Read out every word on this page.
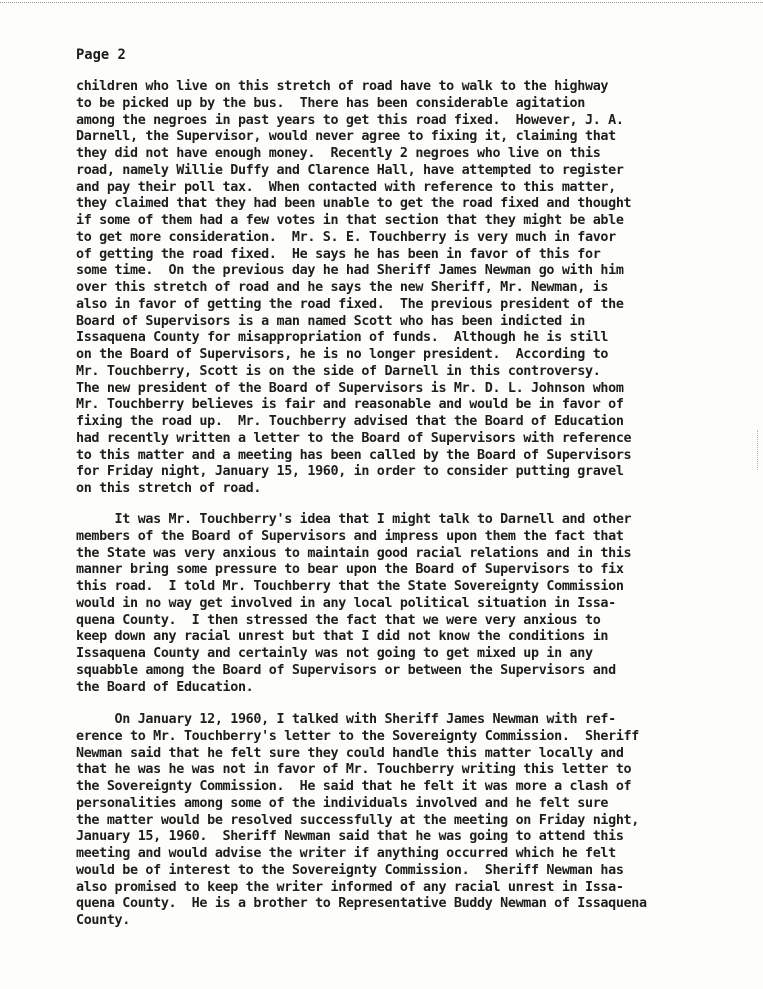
Page 2
children who live on this stretch of road have to walk to the highway
to be picked up by the bus.  There has been considerable agitation
among the negroes in past years to get this road fixed.  However, J. A.
Darnell, the Supervisor, would never agree to fixing it, claiming that
they did not have enough money.  Recently 2 negroes who live on this
road, namely Willie Duffy and Clarence Hall, have attempted to register
and pay their poll tax.  When contacted with reference to this matter,
they claimed that they had been unable to get the road fixed and thought
if some of them had a few votes in that section that they might be able
to get more consideration.  Mr. S. E. Touchberry is very much in favor
of getting the road fixed.  He says he has been in favor of this for
some time.  On the previous day he had Sheriff James Newman go with him
over this stretch of road and he says the new Sheriff, Mr. Newman, is
also in favor of getting the road fixed.  The previous president of the
Board of Supervisors is a man named Scott who has been indicted in
Issaquena County for misappropriation of funds.  Although he is still
on the Board of Supervisors, he is no longer president.  According to
Mr. Touchberry, Scott is on the side of Darnell in this controversy.
The new president of the Board of Supervisors is Mr. D. L. Johnson whom
Mr. Touchberry believes is fair and reasonable and would be in favor of
fixing the road up.  Mr. Touchberry advised that the Board of Education
had recently written a letter to the Board of Supervisors with reference
to this matter and a meeting has been called by the Board of Supervisors
for Friday night, January 15, 1960, in order to consider putting gravel
on this stretch of road.
It was Mr. Touchberry's idea that I might talk to Darnell and other
members of the Board of Supervisors and impress upon them the fact that
the State was very anxious to maintain good racial relations and in this
manner bring some pressure to bear upon the Board of Supervisors to fix
this road.  I told Mr. Touchberry that the State Sovereignty Commission
would in no way get involved in any local political situation in Issa-
quena County.  I then stressed the fact that we were very anxious to
keep down any racial unrest but that I did not know the conditions in
Issaquena County and certainly was not going to get mixed up in any
squabble among the Board of Supervisors or between the Supervisors and
the Board of Education.
On January 12, 1960, I talked with Sheriff James Newman with ref-
erence to Mr. Touchberry's letter to the Sovereignty Commission.  Sheriff
Newman said that he felt sure they could handle this matter locally and
that he was he was not in favor of Mr. Touchberry writing this letter to
the Sovereignty Commission.  He said that he felt it was more a clash of
personalities among some of the individuals involved and he felt sure
the matter would be resolved successfully at the meeting on Friday night,
January 15, 1960.  Sheriff Newman said that he was going to attend this
meeting and would advise the writer if anything occurred which he felt
would be of interest to the Sovereignty Commission.  Sheriff Newman has
also promised to keep the writer informed of any racial unrest in Issa-
quena County.  He is a brother to Representative Buddy Newman of Issaquena
County.
